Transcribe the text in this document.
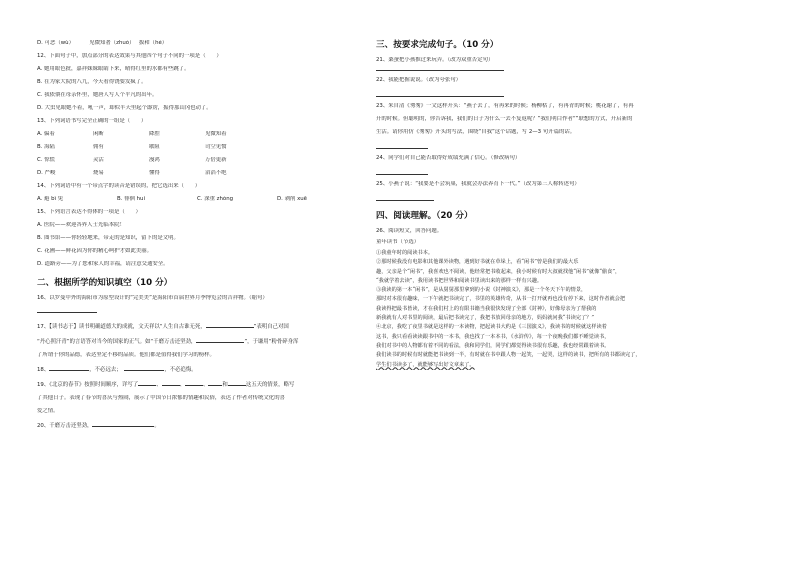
D. 可恶（wù）　　　	见微知著（zhuó）　 拔和（hé）
12、下面句子中，加点部分的表达效果与其他四个句子不同的一项是（　　）
A. 她用眼色批，嘉祥妹妹眼睛下来，晴得红里的水都有些跳了。
B. 在为家大院的八九，今天看得饶要发疯了。
C. 我依偎在母亲怀里，她唐人写人个平凡的出年。
D. 大虫见眼她不着，吼一声，却似半天里起个霹雳，振得那山冈也动了。
13、下列词语书写完全正确的一组是（　　）
A. 偏着	闲断	降腔	见微知着
B. 海陆	佣有	歇阻	司空见惯
C. 惊慌	灵活	漫鸿	万倍更新
D. 严峻	烧易	懂得	滔滔不绝
14、下列词语中有一个带点字的读音是错误的，把它选出来（　　）
A. 避 bì 免	B. 徘徊 huí	C. 深重 zhòng	D. 剥削 xuē
15、下列语言表达不得体的一项是（　　）
A. 医院——欢迎各界人士光临本院！
B. 图书馆——你轻轻地来，带走的是知识，留下的是文明。
C. 花圃——鲜花因为你的精心呵护才如此美丽。
D. 道路旁——为了您和家人的幸福，请注意交通安全。
二、根据所学的知识填空（10 分）
16、以罗曼中外的海阳市为原型设计的“完美美”是海阳市首届世界月季博览会的吉祥物。（缩句）
17、【读书志于】读书明确道德大的成就，文天祥以“人生自古谁无死，	”表明自己对国
“丹心照汗青”的言语答对当今的国家的正气。如“千磨万击还坚劲，	”，于谦用“粉骨碎身浑
了所谓于你的品德，表达坚定不移的品质。他们都是值得我们学习的榜样。
18、	，不必远去；　	，不必追悔。
19、《北京的春节》按照时间顺序，详写了	、	、	、	和	这五天的情景，略写
了其他日子。表现了春节的喜庆与热闹，展示了中国节日浓郁的情趣和民俗，表达了作者对传统文化的喜
爱之情。
20、千磨万击还坚劲，	。
三、按要求完成句子。（10 分）
21、桑蚕把小孩推过来玩弄。（改为双重否定句）
22、我能把握说说。（改为夸张句）
23、朱自清《匆匆》一文这样开头：“燕子去了，有再来的时候；杨柳枯了，有再青的时候；桃花谢了，有再
开的时候。但聪明的，你告诉我，我们的日子为什么一去不复返呢？”我们明白作者“”联想的方式，开启新的
生活。请你用仿《匆匆》开头的写法，围绕“自我”这个话题，写 2—3 句开篇的话。
24、同学们对自己能否取得好成绩充满了信心。（修改病句）
25、小燕子说：“我要是不会筑巢，我就会办法养育下一代。”（改为第三人称转述句）
四、阅读理解。（20 分）
26、阅读短文，回答问题。
童年读书（节选）
①我童年时的阅读书本。
②那时候我没有电影和其他课外读物，遇到好书就在草垛上，看“闲书”曾是我们的最大乐
趣，父亲是个“闲书”，我喜欢也不阅读，他经常把书收起来，我小时候有时大叔就找他“闲书”就像“偷食”，
“我就学着去读”，我用读书把世界和阅读书里读出来的那样一样有兴趣。
③我读的第一本“闲书”，是从舅舅那里拿到的小说《封神演义》，那是一个冬天下午的情景，
那时对本很有趣味，一下午就把书读完了，书里的英雄传奇，从书一打开就再也没有停下来，这时作者就会把
我读得把最书皆读，才在我们村上的有限书籍当我很快发现了全部《封神》，好像母亲为了帮我的
新我就有人对书里的阅读，最后把书读完了，我把书放回母亲的地方，妈妈就问我“书读完了？”
④北京，我吃了夜里书就是这样的一本读物，把起读书大约是《三国演义》，我读书的时候就这样读着
这书，我只看看读读跟书中的一本书，我也找了一本本书，《水浒传》，每一个夜晚我们都不睡觉读书，
我们对书中的人物都有着不同的看法，我和同学们，同学们都觉得读书很有乐趣，我也经常跟着读书。
我们读书的时候有时就能把书读到一半，有时就在书中跟人物一起笑，一起哭，这样的读书，把所有的书都读完了，
学生们书读多了，就能够写出好文章来了。
